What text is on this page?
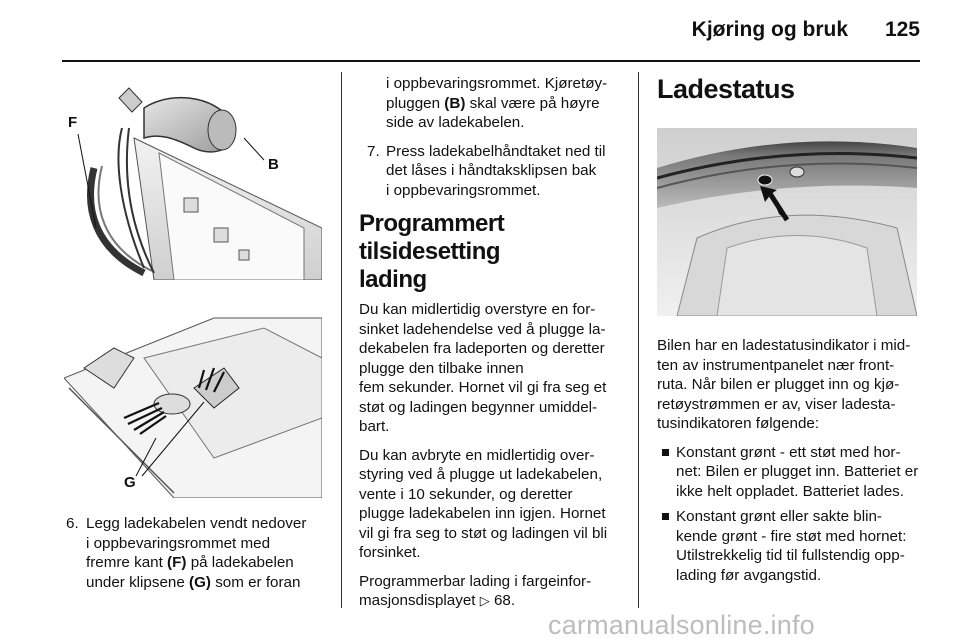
Kjøring og bruk 125
F
B
G
6. Legg ladekabelen vendt nedover
i oppbevaringsrommet med
fremre kant (F) på ladekabelen
under klipsene (G) som er foran
i oppbevaringsrommet. Kjøretøy-
pluggen (B) skal være på høyre
side av ladekabelen.
7. Press ladekabelhåndtaket ned til
det låses i håndtaksklipsen bak
i oppbevaringsrommet.
Programmert tilsidesetting
lading

Du kan midlertidig overstyre en for-
sinket ladehendelse ved å plugge la-
dekabelen fra ladeporten og deretter
plugge den tilbake innen
fem sekunder. Hornet vil gi fra seg et
støt og ladingen begynner umiddel-
bart.

Du kan avbryte en midlertidig over-
styring ved å plugge ut ladekabelen,
vente i 10 sekunder, og deretter
plugge ladekabelen inn igjen. Hornet
vil gi fra seg to støt og ladingen vil bli
forsinket.

Programmerbar lading i fargeinfor-
masjonsdisplayet ▷ 68.

Ladestatus

Bilen har en ladestatusindikator i mid-
ten av instrumentpanelet nær front-
ruta. Når bilen er plugget inn og kjø-
retøystrømmen er av, viser ladesta-
tusindikatoren følgende:

Konstant grønt - ett støt med hor-
net: Bilen er plugget inn. Batteriet er
ikke helt oppladet. Batteriet lades.
Konstant grønt eller sakte blin-
kende grønt - fire støt med hornet:
Utilstrekkelig tid til fullstendig opp-
lading før avgangstid.
carmanualsonline.info
